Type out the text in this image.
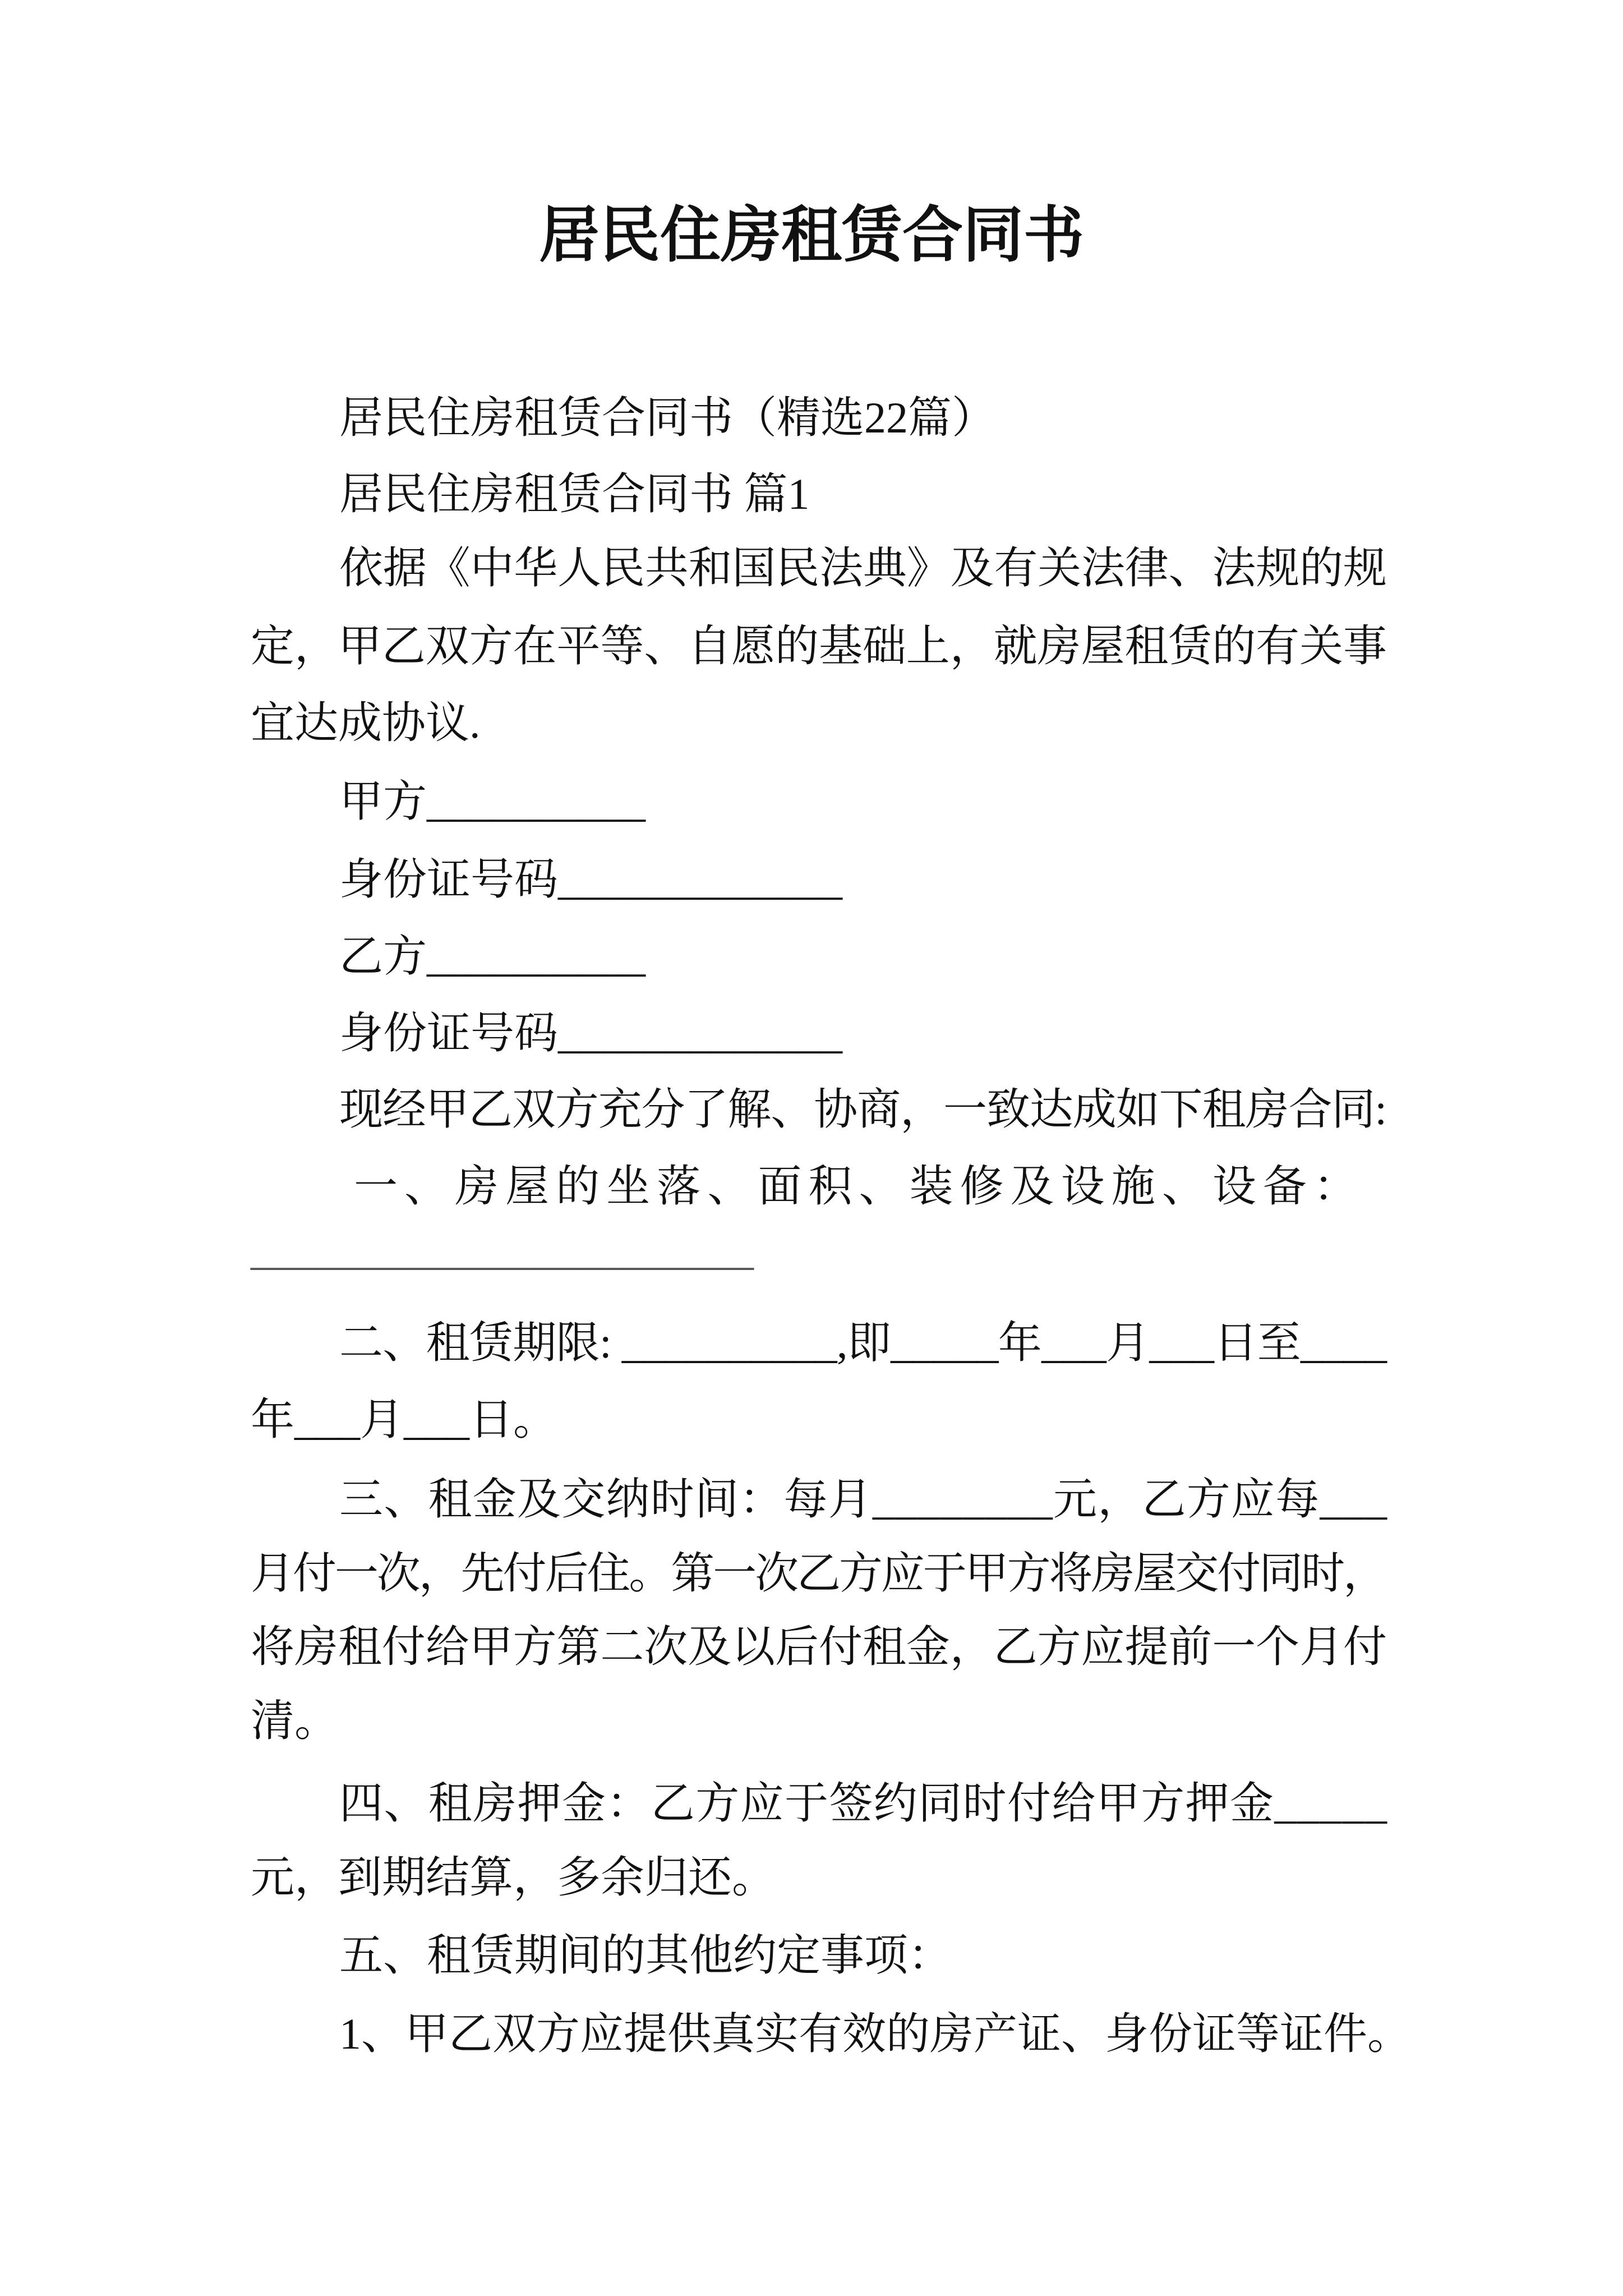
居民住房租赁合同书
居民住房租赁合同书（精选22篇）
居民住房租赁合同书 篇1
依据《中华人民共和国民法典》及有关法律、法规的规
定，甲乙双方在平等、自愿的基础上，就房屋租赁的有关事
宜达成协议.
甲方__________
身份证号码_____________
乙方__________
身份证号码_____________
现经甲乙双方充分了解、协商，一致达成如下租房合同:
一、房屋的坐落、面积、装修及设施、设备：
_______________________
二、租赁期限: __________,即_____年___月___日至____
年___月___日。
三、租金及交纳时间：每月________元，乙方应每___
月付一次，先付后住。第一次乙方应于甲方将房屋交付同时，
将房租付给甲方第二次及以后付租金，乙方应提前一个月付
清。
四、租房押金：乙方应于签约同时付给甲方押金_____
元，到期结算，多余归还。
五、租赁期间的其他约定事项：
1、甲乙双方应提供真实有效的房产证、身份证等证件。
